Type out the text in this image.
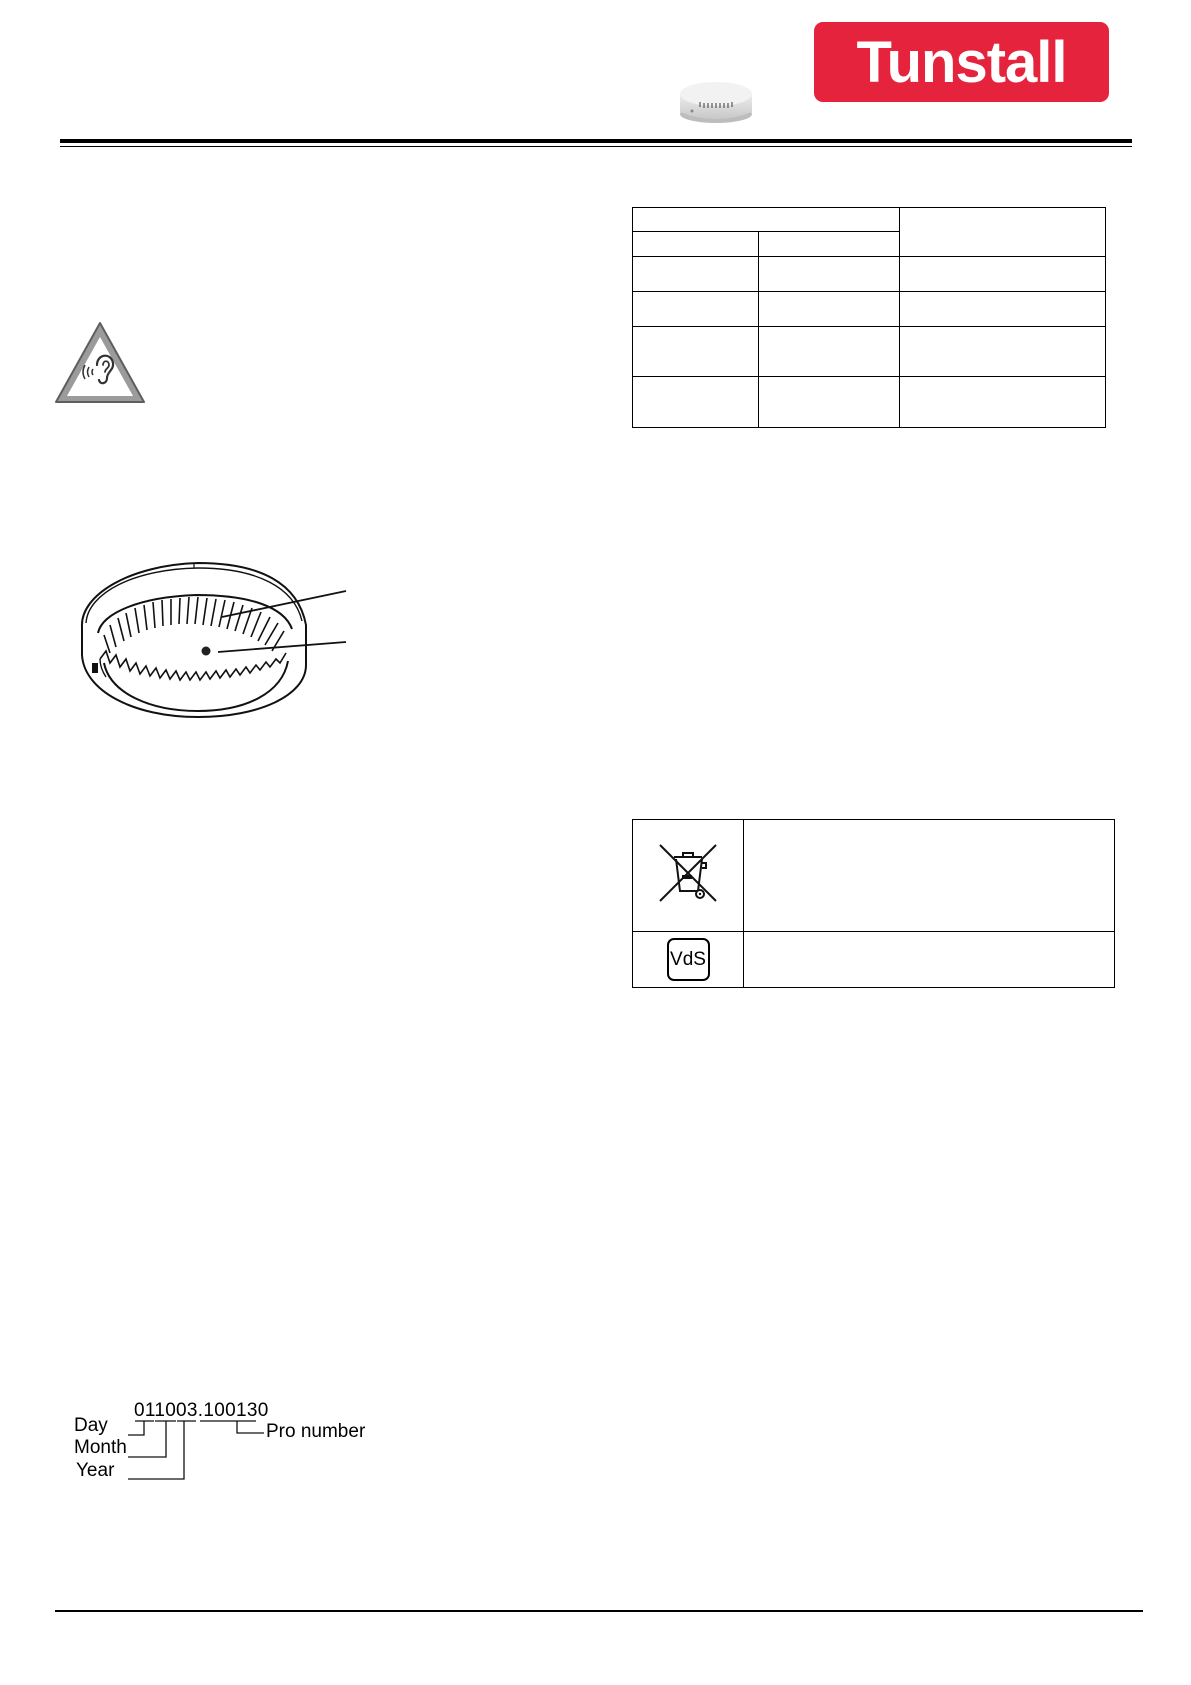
Tunstall

VdS	
011003.100130
Day
Month
Year
Pro number
